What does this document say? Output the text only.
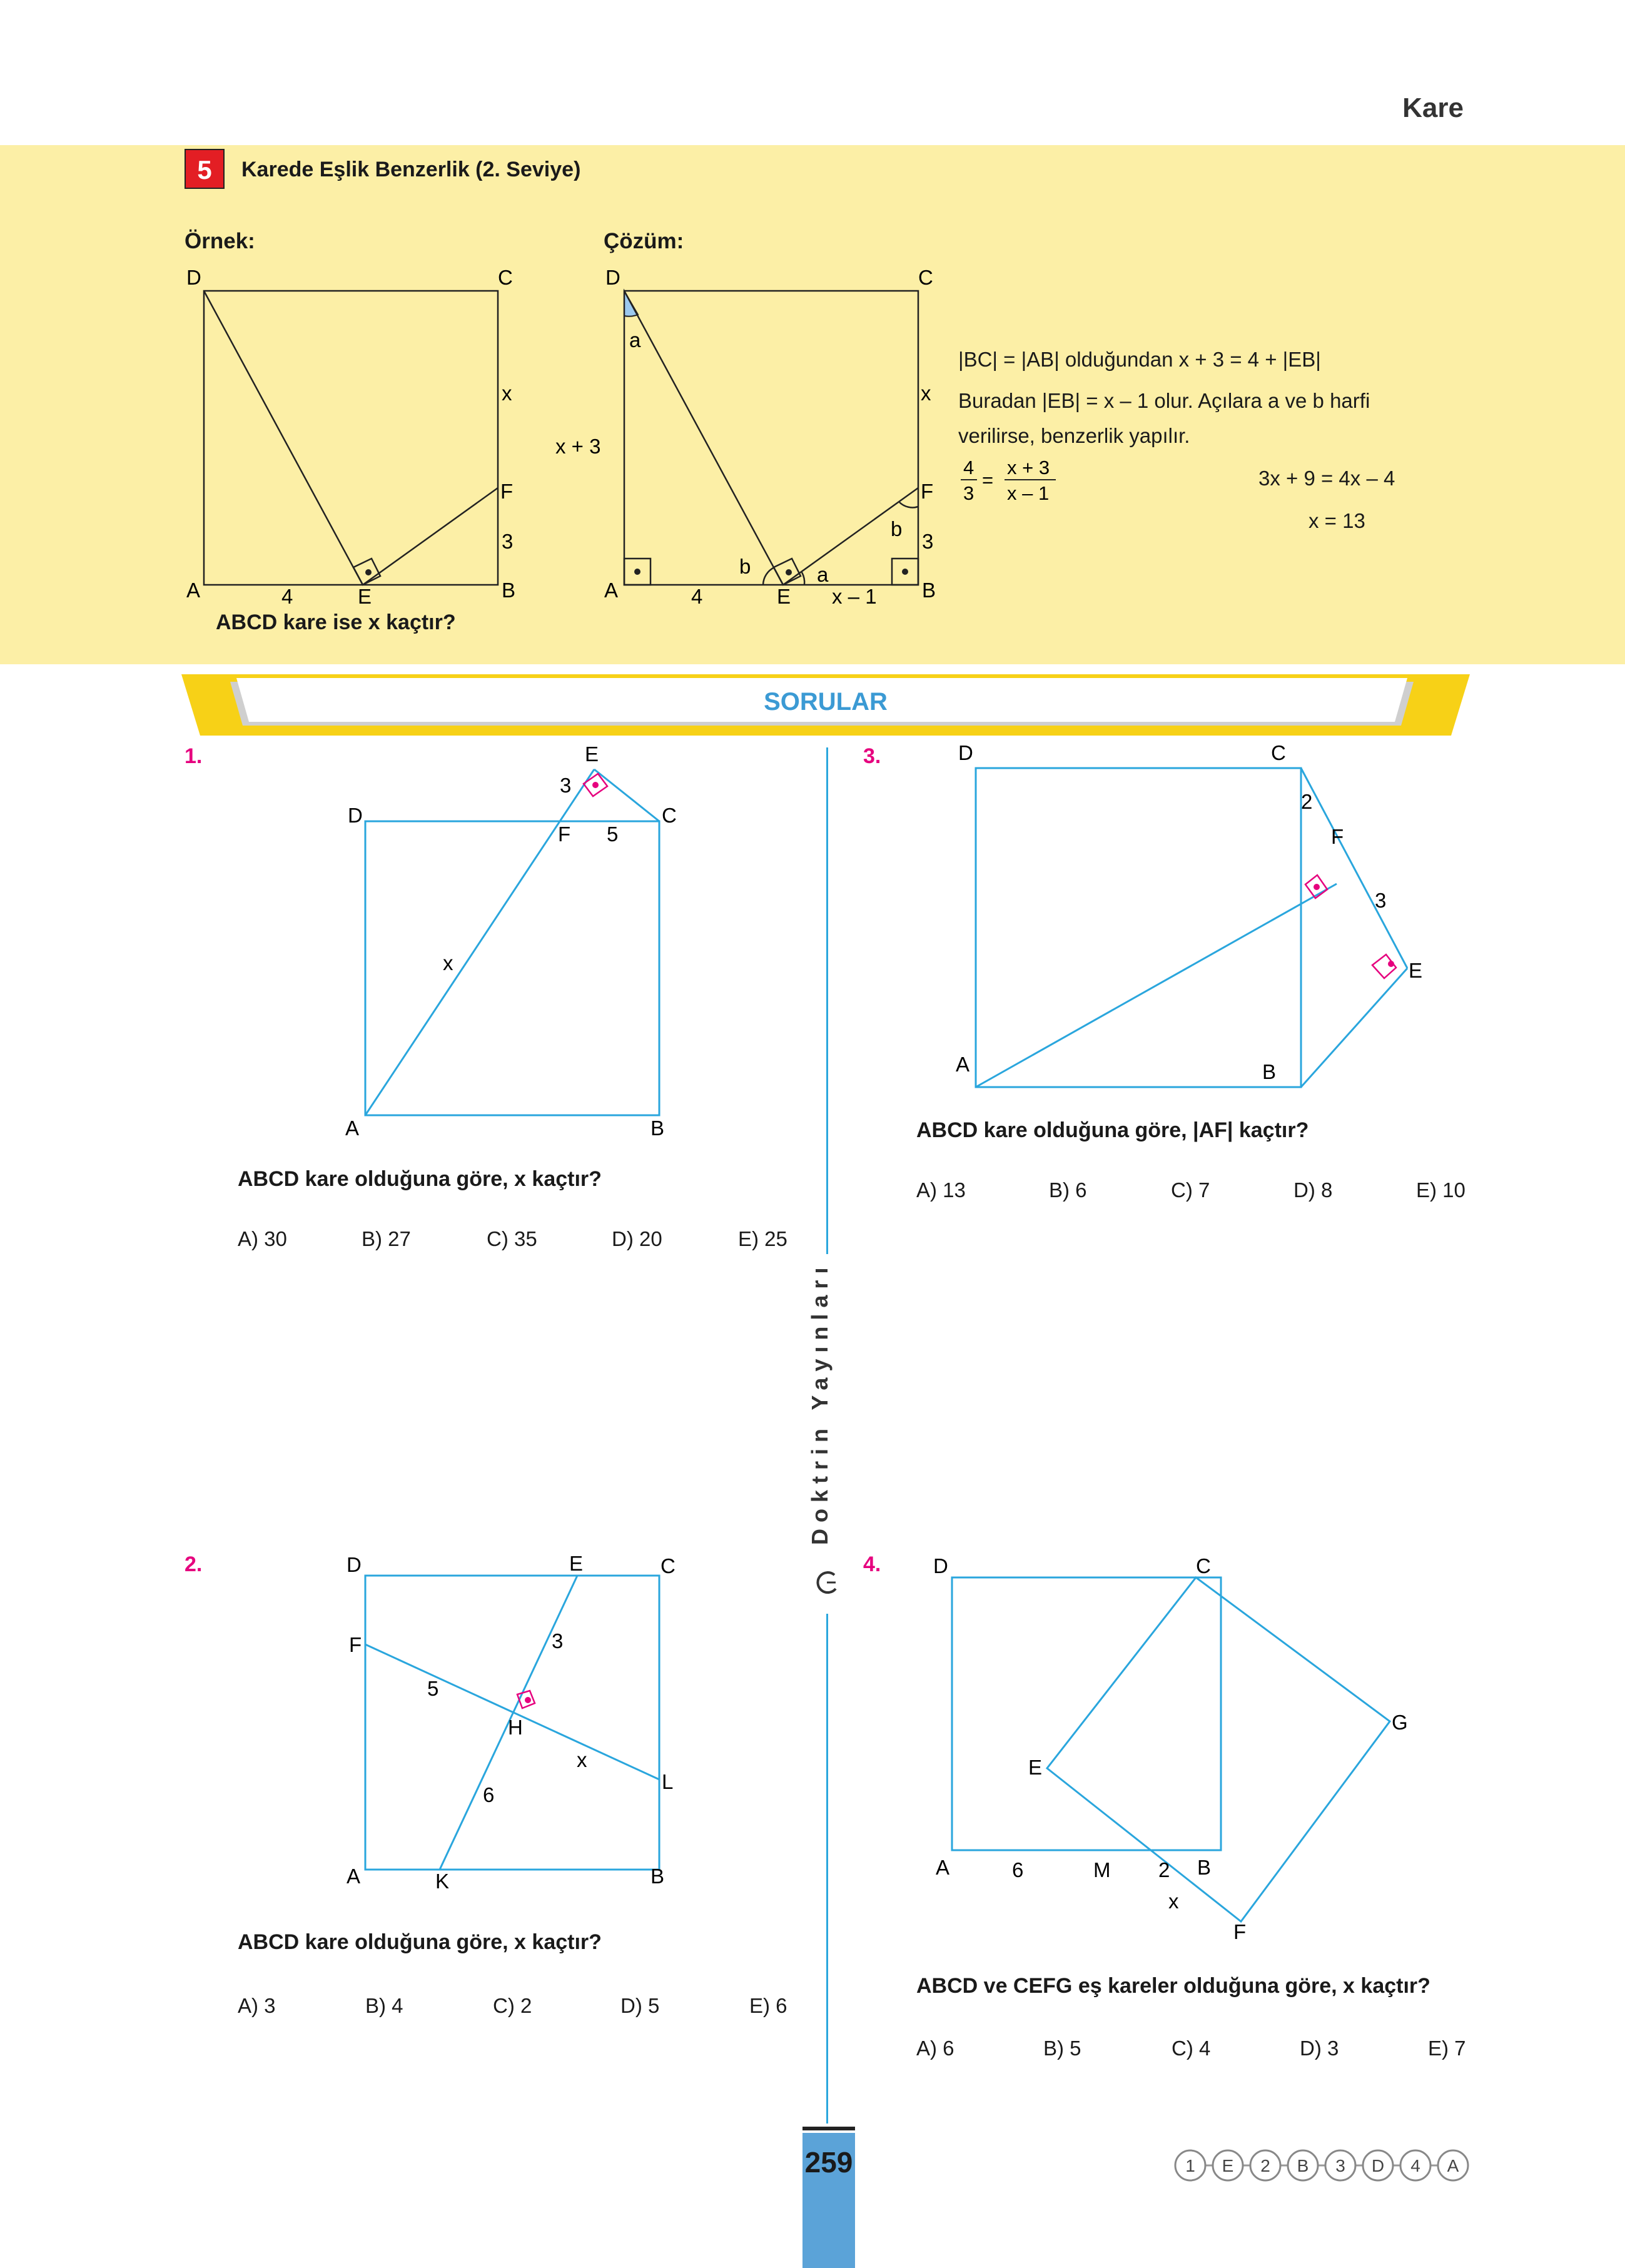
Kare
5	Karede Eşlik Benzerlik (2. Seviye)
Örnek:	Çözüm:
D	C
A	B
E
F
x
3
4
ABCD kare ise x kaçtır?
D	C
A	B
E
F
x
3
x + 3
4	x – 1
a
a
b
b
|BC| = |AB| olduğundan x + 3 = 4 + |EB|
Buradan |EB| = x – 1 olur. Açılara a ve b harfi
verilirse, benzerlik yapılır.
4
3
=
x + 3
x – 1
3x + 9 = 4x – 4
x = 13
SORULAR
Doktrin Yayınları
1.	E
D	C
A	B
F
3
5
x
ABCD kare olduğuna göre, x kaçtır?
A) 30	B) 27	C) 35	D) 20	E) 25
2.	D	E	C
F
H
L
A	K	B
3
5
6
x
ABCD kare olduğuna göre, x kaçtır?
A) 3	B) 4	C) 2	D) 5	E) 6
3.	D	C
F
E
A	B
2
3
ABCD kare olduğuna göre, |AF| kaçtır?
A) 13	B) 6	C) 7	D) 8	E) 10
4.	D	C
G
E
A	M	B
F
6	2
x
ABCD ve CEFG eş kareler olduğuna göre, x kaçtır?
A) 6	B) 5	C) 4	D) 3	E) 7
259	1 E 2 B 3 D 4 A
